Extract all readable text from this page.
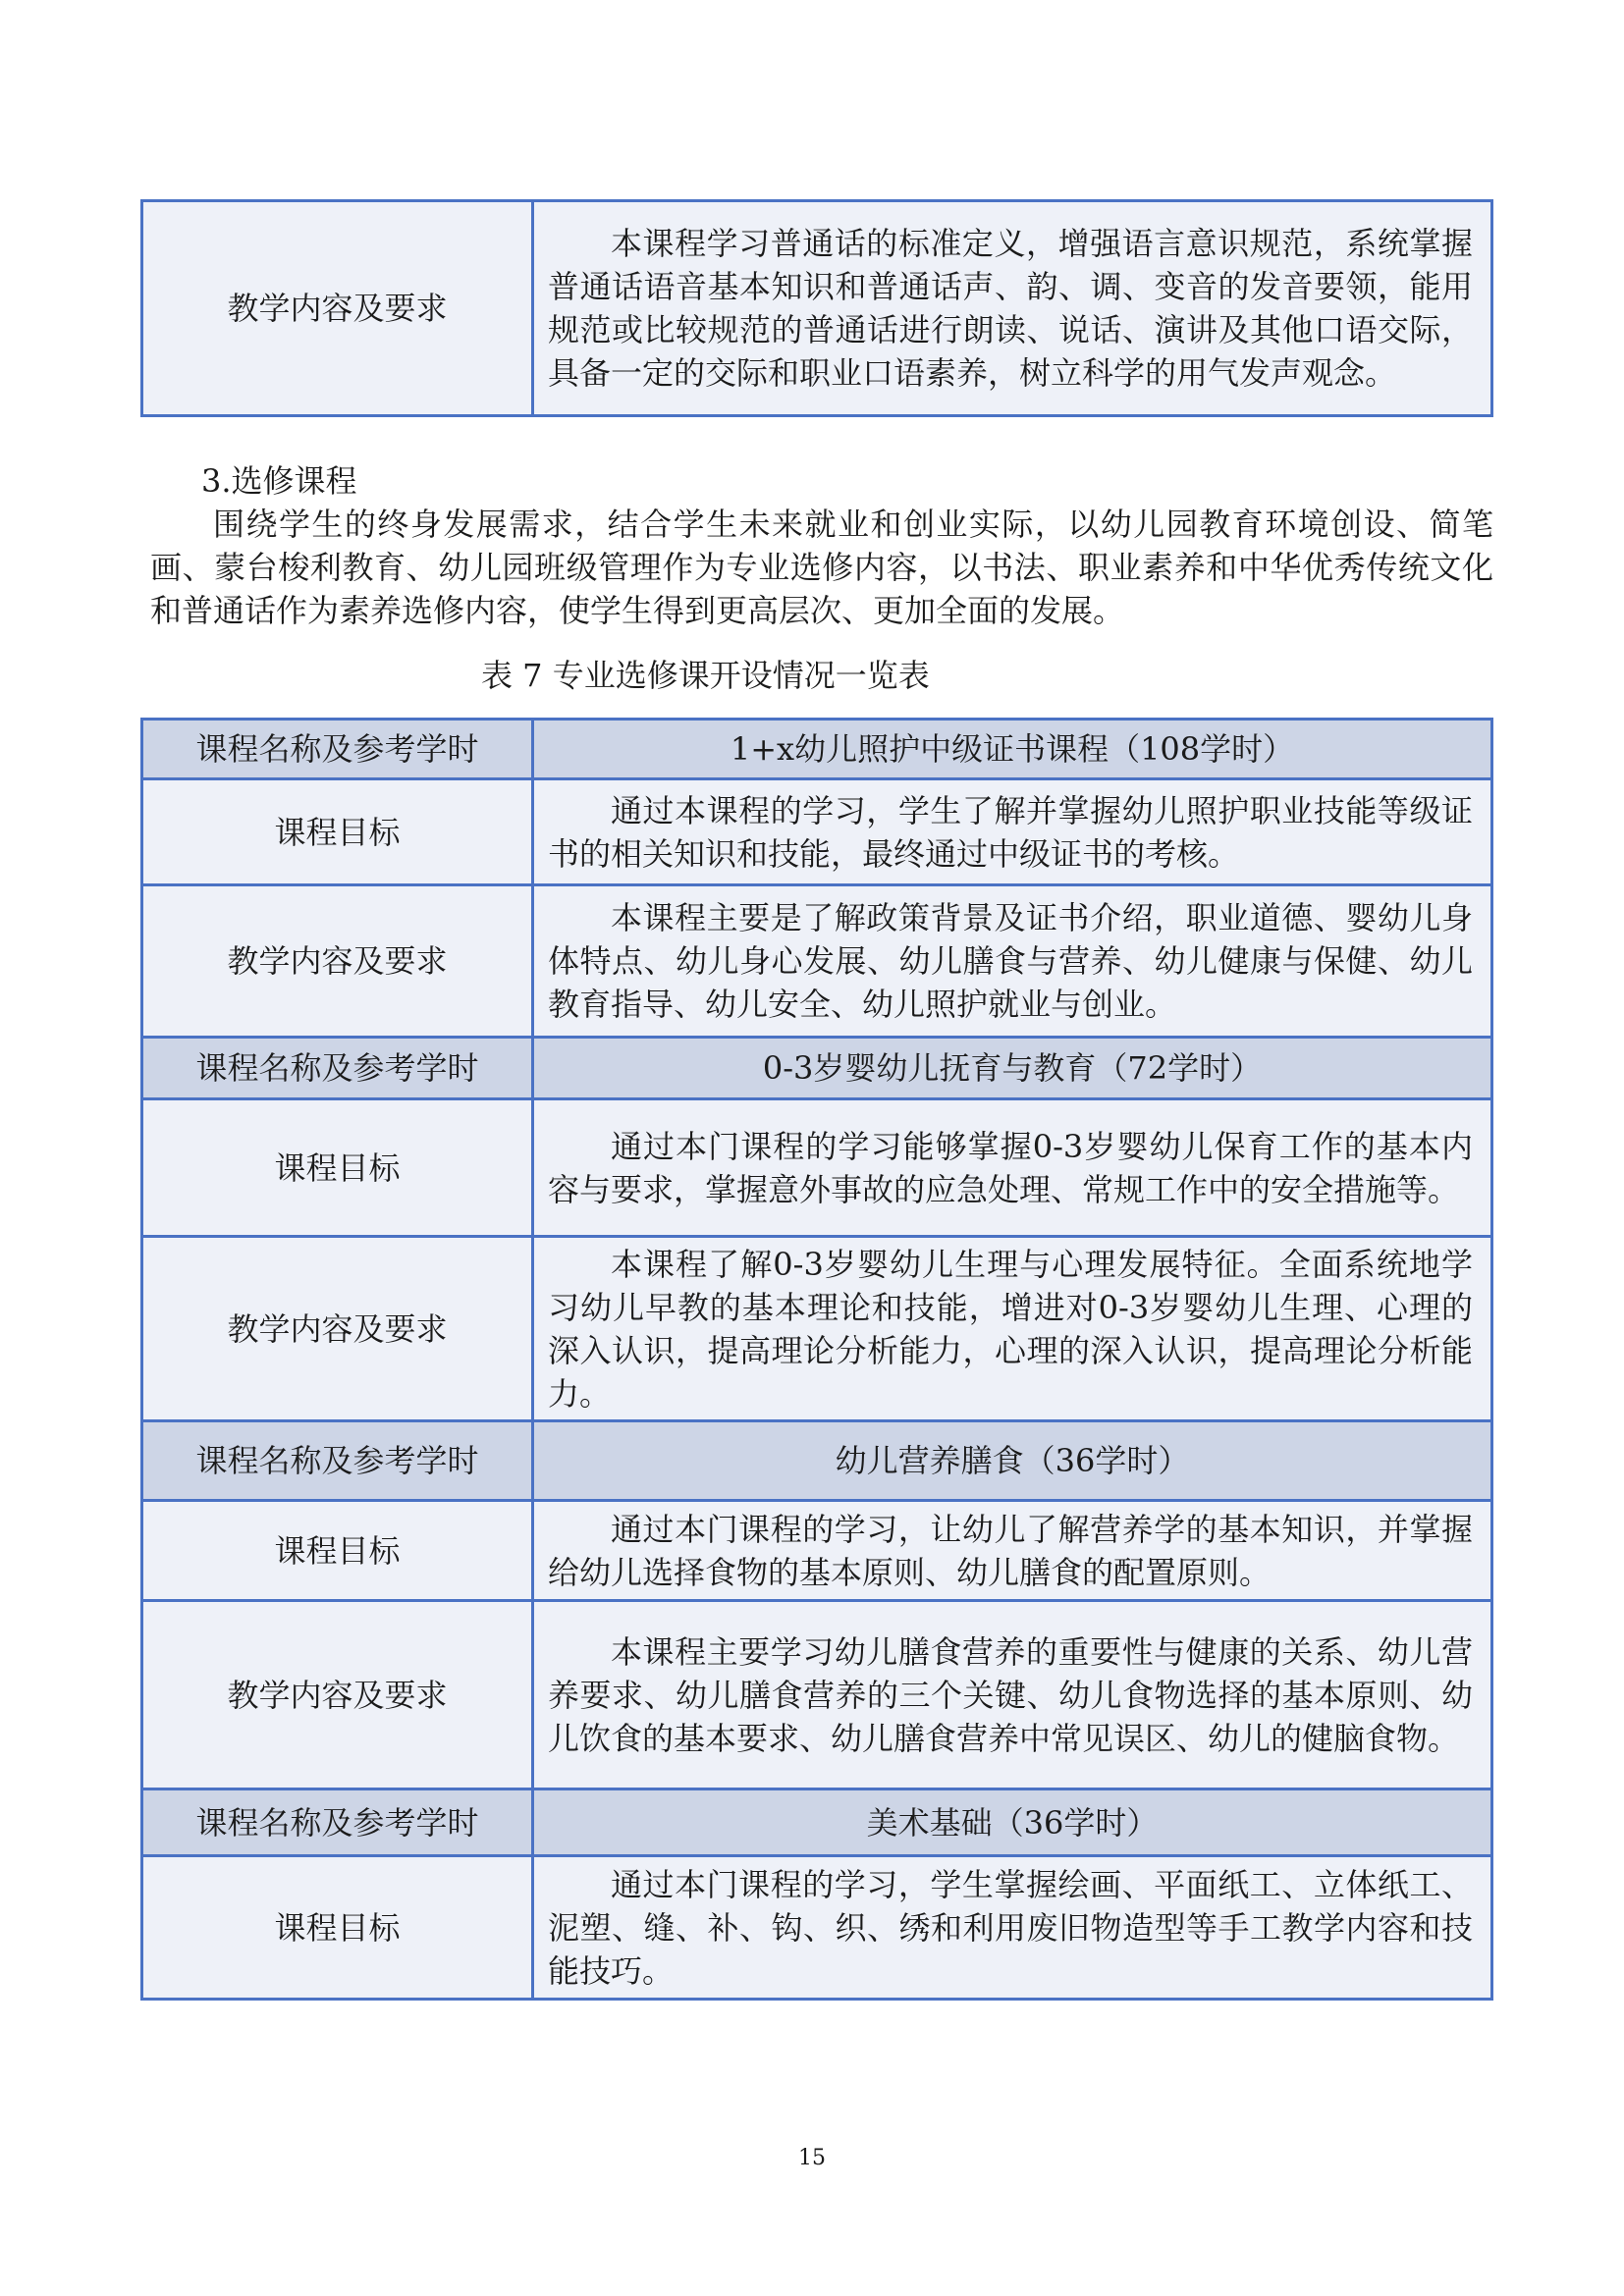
教学内容及要求	本课程学习普通话的标准定义，增强语言意识规范，系统掌握普通话语音基本知识和普通话声、韵、调、变音的发音要领，能用规范或比较规范的普通话进行朗读、说话、演讲及其他口语交际，具备一定的交际和职业口语素养，树立科学的用气发声观念。
3.选修课程
围绕学生的终身发展需求，结合学生未来就业和创业实际，以幼儿园教育环境创设、简笔画、蒙台梭利教育、幼儿园班级管理作为专业选修内容，以书法、职业素养和中华优秀传统文化和普通话作为素养选修内容，使学生得到更高层次、更加全面的发展。
表 7 专业选修课开设情况一览表
课程名称及参考学时	1+x幼儿照护中级证书课程（108学时）
课程目标	通过本课程的学习，学生了解并掌握幼儿照护职业技能等级证书的相关知识和技能，最终通过中级证书的考核。
教学内容及要求	本课程主要是了解政策背景及证书介绍，职业道德、婴幼儿身体特点、幼儿身心发展、幼儿膳食与营养、幼儿健康与保健、幼儿教育指导、幼儿安全、幼儿照护就业与创业。
课程名称及参考学时	0-3岁婴幼儿抚育与教育（72学时）
课程目标	通过本门课程的学习能够掌握0-3岁婴幼儿保育工作的基本内容与要求，掌握意外事故的应急处理、常规工作中的安全措施等。
教学内容及要求	本课程了解0-3岁婴幼儿生理与心理发展特征。全面系统地学习幼儿早教的基本理论和技能，增进对0-3岁婴幼儿生理、心理的深入认识，提高理论分析能力，心理的深入认识，提高理论分析能力。
课程名称及参考学时	幼儿营养膳食（36学时）
课程目标	通过本门课程的学习，让幼儿了解营养学的基本知识，并掌握给幼儿选择食物的基本原则、幼儿膳食的配置原则。
教学内容及要求	本课程主要学习幼儿膳食营养的重要性与健康的关系、幼儿营养要求、幼儿膳食营养的三个关键、幼儿食物选择的基本原则、幼儿饮食的基本要求、幼儿膳食营养中常见误区、幼儿的健脑食物。
课程名称及参考学时	美术基础（36学时）
课程目标	通过本门课程的学习，学生掌握绘画、平面纸工、立体纸工、泥塑、缝、补、钩、织、绣和利用废旧物造型等手工教学内容和技能技巧。
15
